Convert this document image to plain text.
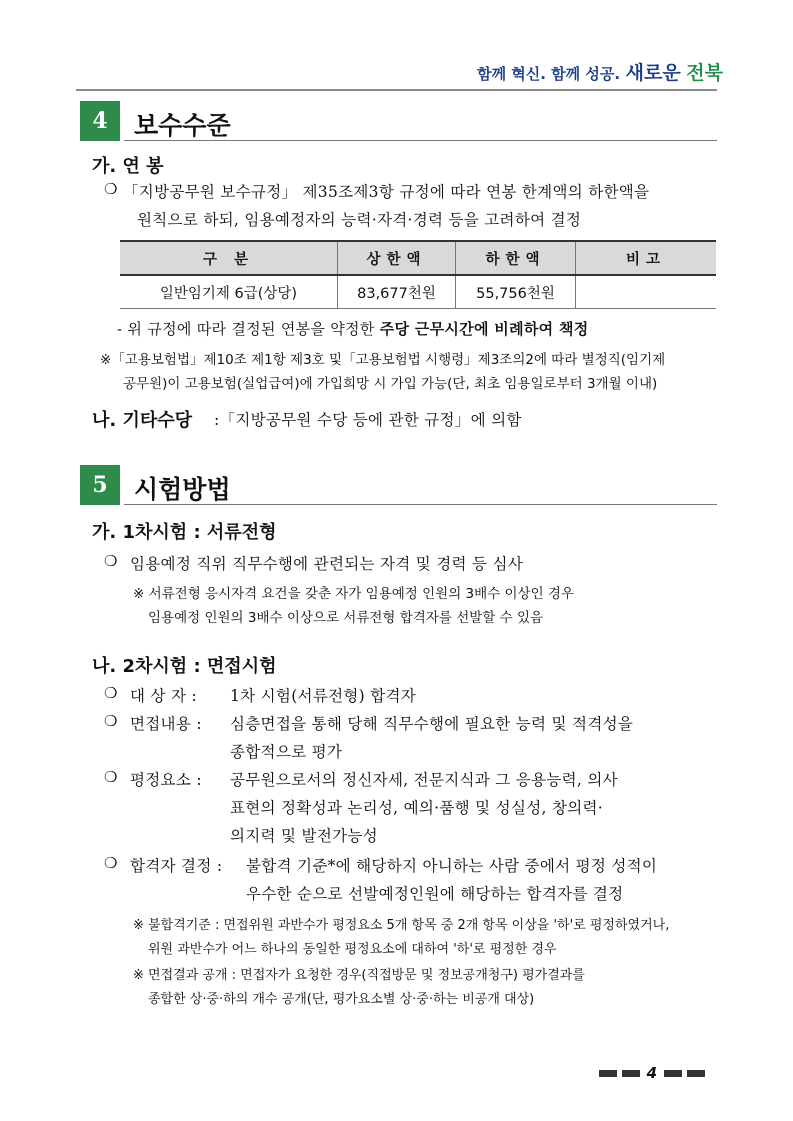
함께 혁신. 함께 성공. 새로운 전북
4	보수수준
가. 연 봉
❍ 「지방공무원 보수규정」 제35조제3항 규정에 따라 연봉 한계액의 하한액을
원칙으로 하되, 임용예정자의 능력·자격·경력 등을 고려하여 결정
구 분	상한액	하한액	비고
일반임기제 6급(상당)	83,677천원	55,756천원	
- 위 규정에 따라 결정된 연봉을 약정한 주당 근무시간에 비례하여 책정
※「고용보험법」제10조 제1항 제3호 및「고용보험법 시행령」제3조의2에 따라 별정직(임기제
공무원)이 고용보험(실업급여)에 가입희망 시 가입 가능(단, 최초 임용일로부터 3개월 이내)
나. 기타수당 :「지방공무원 수당 등에 관한 규정」에 의함
5	시험방법
가. 1차시험 : 서류전형
❍ 임용예정 직위 직무수행에 관련되는 자격 및 경력 등 심사
※ 서류전형 응시자격 요건을 갖춘 자가 임용예정 인원의 3배수 이상인 경우
임용예정 인원의 3배수 이상으로 서류전형 합격자를 선발할 수 있음
나. 2차시험 : 면접시험
❍ 대 상 자 : 1차 시험(서류전형) 합격자
❍ 면접내용 : 심층면접을 통해 당해 직무수행에 필요한 능력 및 적격성을
종합적으로 평가
❍ 평정요소 : 공무원으로서의 정신자세, 전문지식과 그 응용능력, 의사
표현의 정확성과 논리성, 예의·품행 및 성실성, 창의력·
의지력 및 발전가능성
❍ 합격자 결정 : 불합격 기준*에 해당하지 아니하는 사람 중에서 평정 성적이
우수한 순으로 선발예정인원에 해당하는 합격자를 결정
※ 불합격기준 : 면접위원 과반수가 평정요소 5개 항목 중 2개 항목 이상을 '하'로 평정하였거나,
위원 과반수가 어느 하나의 동일한 평정요소에 대하여 '하'로 평정한 경우
※ 면접결과 공개 : 면접자가 요청한 경우(직접방문 및 정보공개청구) 평가결과를
종합한 상·중·하의 개수 공개(단, 평가요소별 상·중·하는 비공개 대상)
4
